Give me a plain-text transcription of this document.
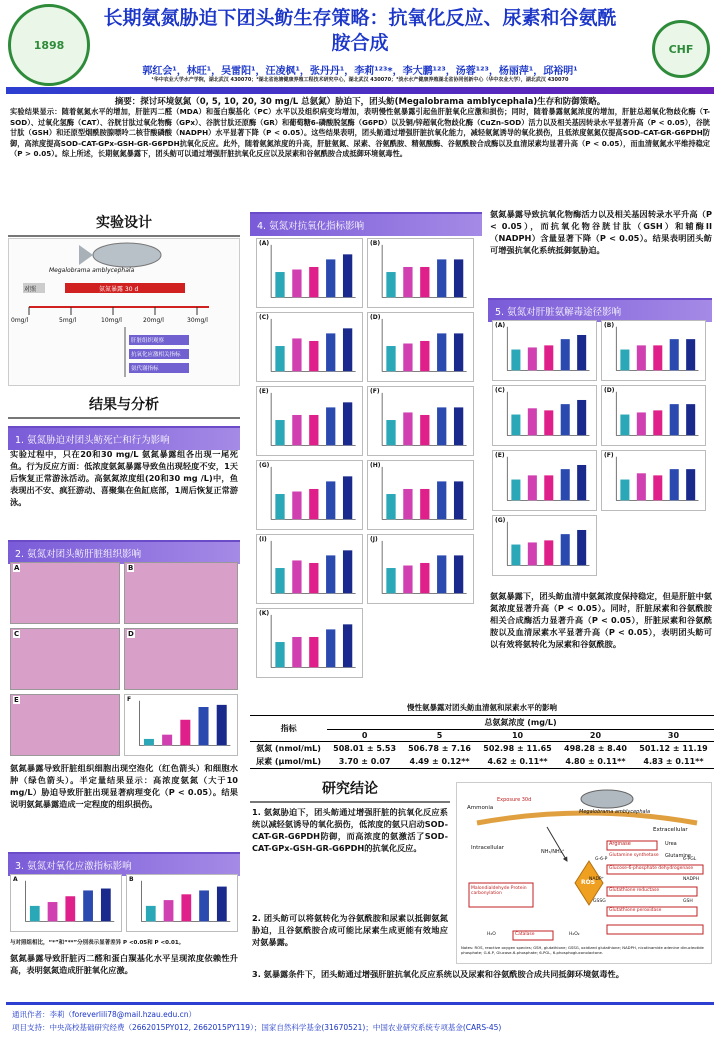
1898	CHF
长期氨氮胁迫下团头鲂生存策略：抗氧化反应、尿素和谷氨酰胺合成
郭红会¹，林旺¹，吴雷阳¹，汪凌枫¹，张丹丹¹，李莉¹²³*，李大鹏¹²³，汤蓉¹²³，杨丽萍¹，邱裕明¹
¹华中农业大学水产学院，湖北武汉 430070；²湖北省池塘健康养殖工程技术研究中心，湖北武汉 430070；³淡水水产健康养殖湖北省协同创新中心（华中农业大学），湖北武汉 430070
摘要：探讨环境氨氮（0, 5, 10, 20, 30 mg/L 总氨氮）胁迫下，团头鲂(Megalobrama amblycephala)生存和防御策略。
实验结果显示：随着氨氮水平的增加，肝脏丙二醛（MDA）和蛋白羰基化（PC）水平以及组织病变均增加，表明慢性氨暴露引起鱼肝脏氧化应激和损伤；同时，随着暴露氨氮浓度的增加，肝脏总超氧化物歧化酶（T-SOD）、过氧化氢酶（CAT）、谷胱甘肽过氧化物酶（GPx）、谷胱甘肽还原酶（GR）和葡萄糖6-磷酸脱氢酶（G6PD）以及铜/锌超氧化物歧化酶（CuZn-SOD）活力以及相关基因转录水平显著升高（P < 0.05），谷胱甘肽（GSH）和还原型烟酰胺腺嘌呤二核苷酸磷酸（NADPH）水平显著下降（P < 0.05）。这些结果表明，团头鲂通过增强肝脏抗氧化能力，减轻氨氮诱导的氧化损伤，且低浓度氨氮仅提高SOD-CAT-GR-G6PDH防御，高浓度提高SOD-CAT-GPx-GSH-GR-G6PDH抗氧化反应。此外，随着氨氮浓度的升高，肝脏氨氮、尿素、谷氨酰胺、精氨酸酶、谷氨酰胺合成酶以及血清尿素均显著升高（P < 0.05），而血清氨氮水平维持稳定（P > 0.05）。综上所述，长期氨氮暴露下，团头鲂可以通过增强肝脏抗氧化反应以及尿素和谷氨酰胺合成抵御环境氨毒性。
实验设计
Megalobrama amblycephala
对照	氨氮暴露 30 d
0mg/l	5mg/l	10mg/l	20mg/l	30mg/l
肝脏组织观察
抗氧化应激相关指标
氨代谢指标
结果与分析
1. 氨氮胁迫对团头鲂死亡和行为影响
实验过程中，只在20和30 mg/L 氨氮暴露组各出现一尾死鱼。行为反应方面：低浓度氨氮暴露导致鱼出现轻度不安，1天后恢复正常游泳活动。高氨氮浓度组(20和30 mg /L)中，鱼表现出不安、疯狂游动、喜聚集在鱼缸底部，1周后恢复正常游泳。
2. 氨氮对团头鲂肝脏组织影响
A	B
C	D
E	F
氨氮暴露导致肝脏组织细胞出现空泡化（红色箭头）和细胞水肿（绿色箭头）。半定量结果显示：高浓度氨氮（大于10 mg/L）胁迫导致肝脏出现显著病理变化（P < 0.05）。结果说明氨氮暴露造成一定程度的组织损伤。
3. 氨氮对氧化应激指标影响
A	B
与对照组相比，“*”和“**”分别表示显著差异 P <0.05和 P <0.01。
氨氮暴露导致肝脏丙二醛和蛋白羰基化水平呈现浓度依赖性升高，表明氨氮造成肝脏氧化应激。
4. 氨氮对抗氧化指标影响
(A)	(B)
(C)	(D)
(E)	(F)
(G)	(H)
(I)	(J)
(K)
氨氮暴露导致抗氧化物酶活力以及相关基因转录水平升高（P < 0.05），而抗氧化物谷胱甘肽（GSH）和辅酶II（NADPH）含量显著下降（P < 0.05）。结果表明团头鲂可增强抗氧化系统抵御氨胁迫。
5. 氨氮对肝脏氨解毒途径影响
(A)	(B)
(C)	(D)
(E)	(F)
(G)
氨氮暴露下，团头鲂血清中氨氮浓度保持稳定，但是肝脏中氨氮浓度显著升高（P < 0.05）。同时，肝脏尿素和谷氨酰胺相关合成酶活力显著升高（P < 0.05），肝脏尿素和谷氨酰胺以及血清尿素水平显著升高（P < 0.05），表明团头鲂可以有效将氨转化为尿素和谷氨酰胺。
慢性氨暴露对团头鲂血清氨和尿素水平的影响
指标	总氨氮浓度 (mg/L)				
	0	5	10	20	30
氨氮 (nmol/mL)	508.01 ± 5.53	506.78 ± 7.16	502.98 ± 11.65	498.28 ± 8.40	501.12 ± 11.19
尿素 (μmol/mL)	3.70 ± 0.07	4.49 ± 0.12**	4.62 ± 0.11**	4.80 ± 0.11**	4.83 ± 0.11**
研究结论
1. 氨氮胁迫下，团头鲂通过增强肝脏的抗氧化反应系统以减轻氨诱导的氧化损伤，低浓度的氨只启动SOD-CAT-GR-G6PDH防御，而高浓度的氨激活了SOD-CAT-GPx-GSH-GR-G6PDH的抗氧化反应。
2. 团头鲂可以将氨转化为谷氨酰胺和尿素以抵御氨氮胁迫，且谷氨酰胺合成可能比尿素生成更能有效地应对氨暴露。
3. 氨暴露条件下，团头鲂通过增强肝脏抗氧化反应系统以及尿素和谷氨酰胺合成共同抵御环境氨毒性。
Ammonia
Exposure 30d
Megalobrama amblycephala
Extracellular
Intracellular
NH₃/NH₄⁺
Arginase	Urea
Glutamine
Glutamine synthetase
ROS
Malondialdehyde Protein carbonylation
Glucose-6-phosphate dehydrogenase
G-6-P	6-PGL
NADP⁺	NADPH
Glutathione reductase
GSSG	GSH
Glutathione peroxidase
Catalase
H₂O	H₂O₂
Notes: ROS, reactive oxygen species; GSH, glutathione; GSSG, oxidized glutathione; NADPH, nicotinamide adenine dinucleotide phosphate; G-6-P, Glucose-6-phosphate; 6-PGL, 6-phosphogluconolactone.
通讯作者：李莉（foreverlili78@mail.hzau.edu.cn）
项目支持：中央高校基础研究经费（2662015PY012, 2662015PY119）；国家自然科学基金(31670521)；中国农业研究系统专项基金(CARS-45)
